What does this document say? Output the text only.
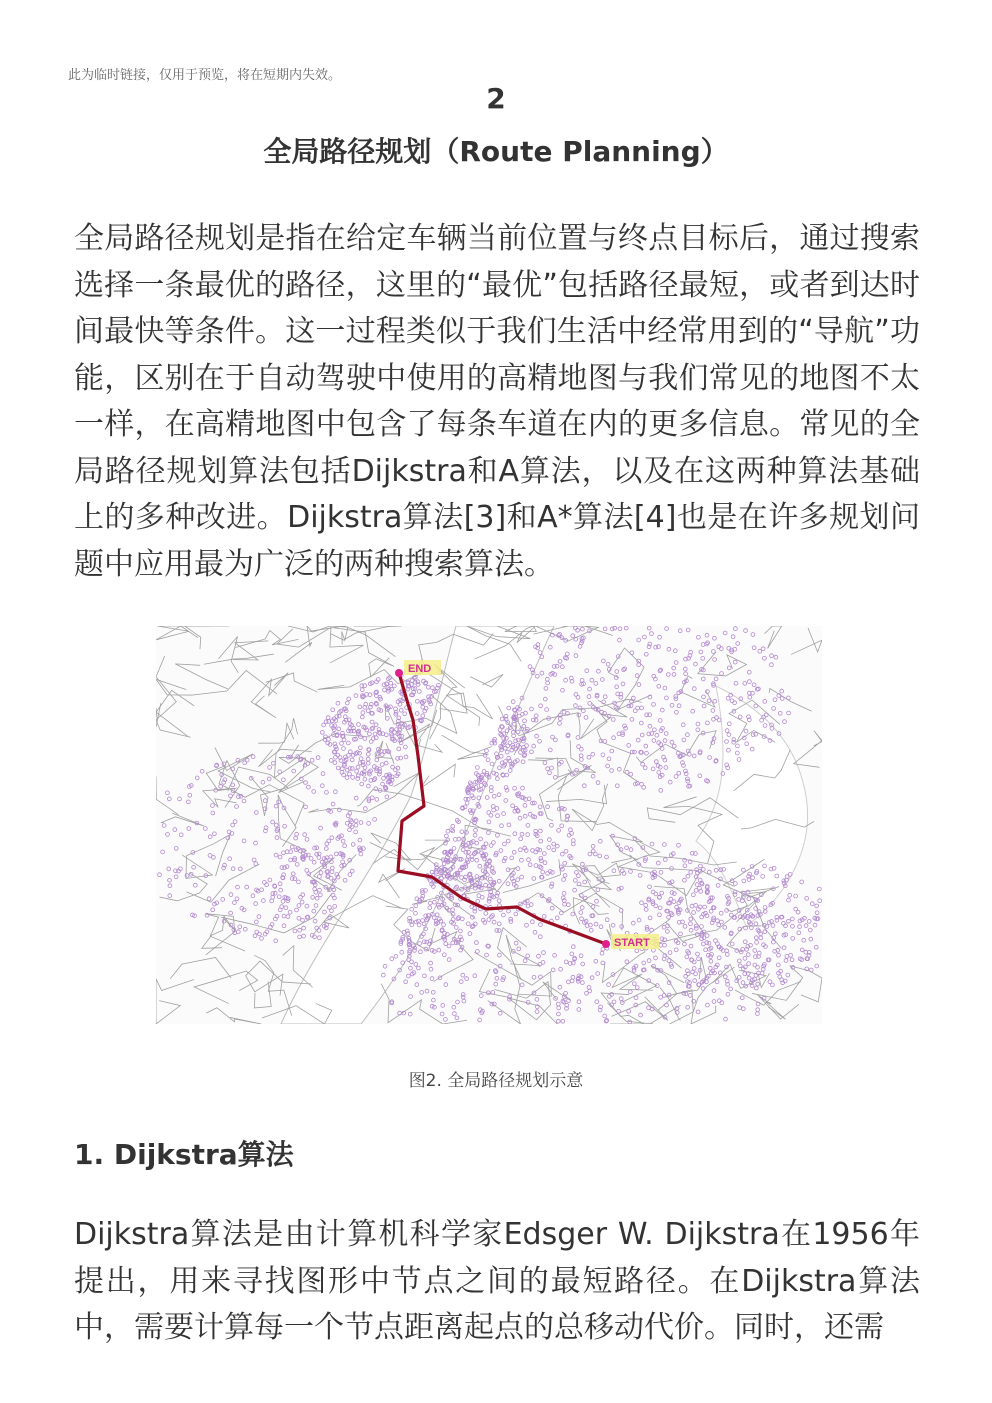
此为临时链接，仅用于预览，将在短期内失效。
2
全局路径规划（Route Planning）

全局路径规划是指在给定车辆当前位置与终点目标后，通过搜索选择一条最优的路径，这里的“最优”包括路径最短，或者到达时间最快等条件。这一过程类似于我们生活中经常用到的“导航”功能，区别在于自动驾驶中使用的高精地图与我们常见的地图不太一样，在高精地图中包含了每条车道在内的更多信息。常见的全局路径规划算法包括Dijkstra和A算法，以及在这两种算法基础上的多种改进。Dijkstra算法[3]和A*算法[4]也是在许多规划问题中应用最为广泛的两种搜索算法。

END
START
图2. 全局路径规划示意
1. Dijkstra算法

Dijkstra算法是由计算机科学家Edsger W. Dijkstra在1956年提出，用来寻找图形中节点之间的最短路径。在Dijkstra算法中，需要计算每一个节点距离起点的总移动代价。同时，还需
